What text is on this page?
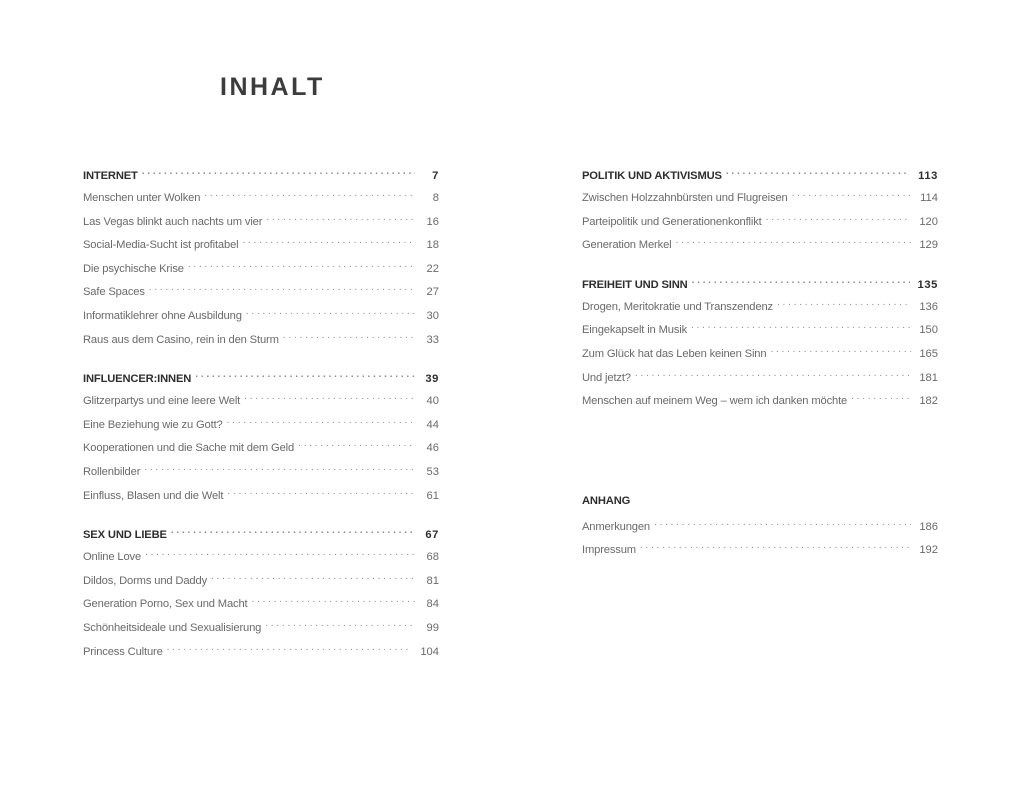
INHALT
INTERNET . . .	7
Menschen unter Wolken . . .	8
Las Vegas blinkt auch nachts um vier . . .	16
Social-Media-Sucht ist profitabel . . .	18
Die psychische Krise . . .	22
Safe Spaces . . .	27
Informatiklehrer ohne Ausbildung . . .	30
Raus aus dem Casino, rein in den Sturm . . .	33
INFLUENCER:INNEN . . .	39
Glitzerpartys und eine leere Welt . . .	40
Eine Beziehung wie zu Gott? . . .	44
Kooperationen und die Sache mit dem Geld . . .	46
Rollenbilder . . .	53
Einfluss, Blasen und die Welt . . .	61
SEX UND LIEBE . . .	67
Online Love . . .	68
Dildos, Dorms und Daddy . . .	81
Generation Porno, Sex und Macht . . .	84
Schönheitsideale und Sexualisierung . . .	99
Princess Culture . . .	104
POLITIK UND AKTIVISMUS . . .	113
Zwischen Holzzahnbürsten und Flugreisen . . .	114
Parteipolitik und Generationenkonflikt . . .	120
Generation Merkel . . .	129
FREIHEIT UND SINN . . .	135
Drogen, Meritokratie und Transzendenz . . .	136
Eingekapselt in Musik . . .	150
Zum Glück hat das Leben keinen Sinn . . .	165
Und jetzt? . . .	181
Menschen auf meinem Weg – wem ich danken möchte . . .	182
ANHANG
Anmerkungen . . .	186
Impressum . . .	192
